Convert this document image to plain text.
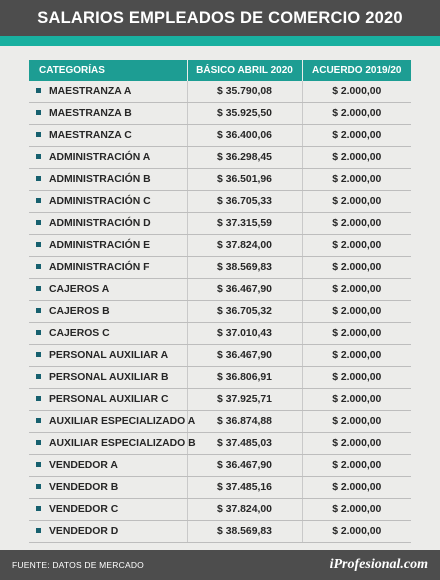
SALARIOS EMPLEADOS DE COMERCIO 2020
CATEGORÍAS	BÁSICO ABRIL 2020	ACUERDO 2019/20
MAESTRANZA A	$ 35.790,08	$ 2.000,00
MAESTRANZA B	$ 35.925,50	$ 2.000,00
MAESTRANZA C	$ 36.400,06	$ 2.000,00
ADMINISTRACIÓN A	$ 36.298,45	$ 2.000,00
ADMINISTRACIÓN B	$ 36.501,96	$ 2.000,00
ADMINISTRACIÓN C	$ 36.705,33	$ 2.000,00
ADMINISTRACIÓN D	$ 37.315,59	$ 2.000,00
ADMINISTRACIÓN E	$ 37.824,00	$ 2.000,00
ADMINISTRACIÓN F	$ 38.569,83	$ 2.000,00
CAJEROS A	$ 36.467,90	$ 2.000,00
CAJEROS B	$ 36.705,32	$ 2.000,00
CAJEROS C	$ 37.010,43	$ 2.000,00
PERSONAL AUXILIAR A	$ 36.467,90	$ 2.000,00
PERSONAL AUXILIAR B	$ 36.806,91	$ 2.000,00
PERSONAL AUXILIAR C	$ 37.925,71	$ 2.000,00
AUXILIAR ESPECIALIZADO A	$ 36.874,88	$ 2.000,00
AUXILIAR ESPECIALIZADO B	$ 37.485,03	$ 2.000,00
VENDEDOR A	$ 36.467,90	$ 2.000,00
VENDEDOR B	$ 37.485,16	$ 2.000,00
VENDEDOR C	$ 37.824,00	$ 2.000,00
VENDEDOR D	$ 38.569,83	$ 2.000,00
FUENTE: DATOS DE MERCADO	iProfesional.com
